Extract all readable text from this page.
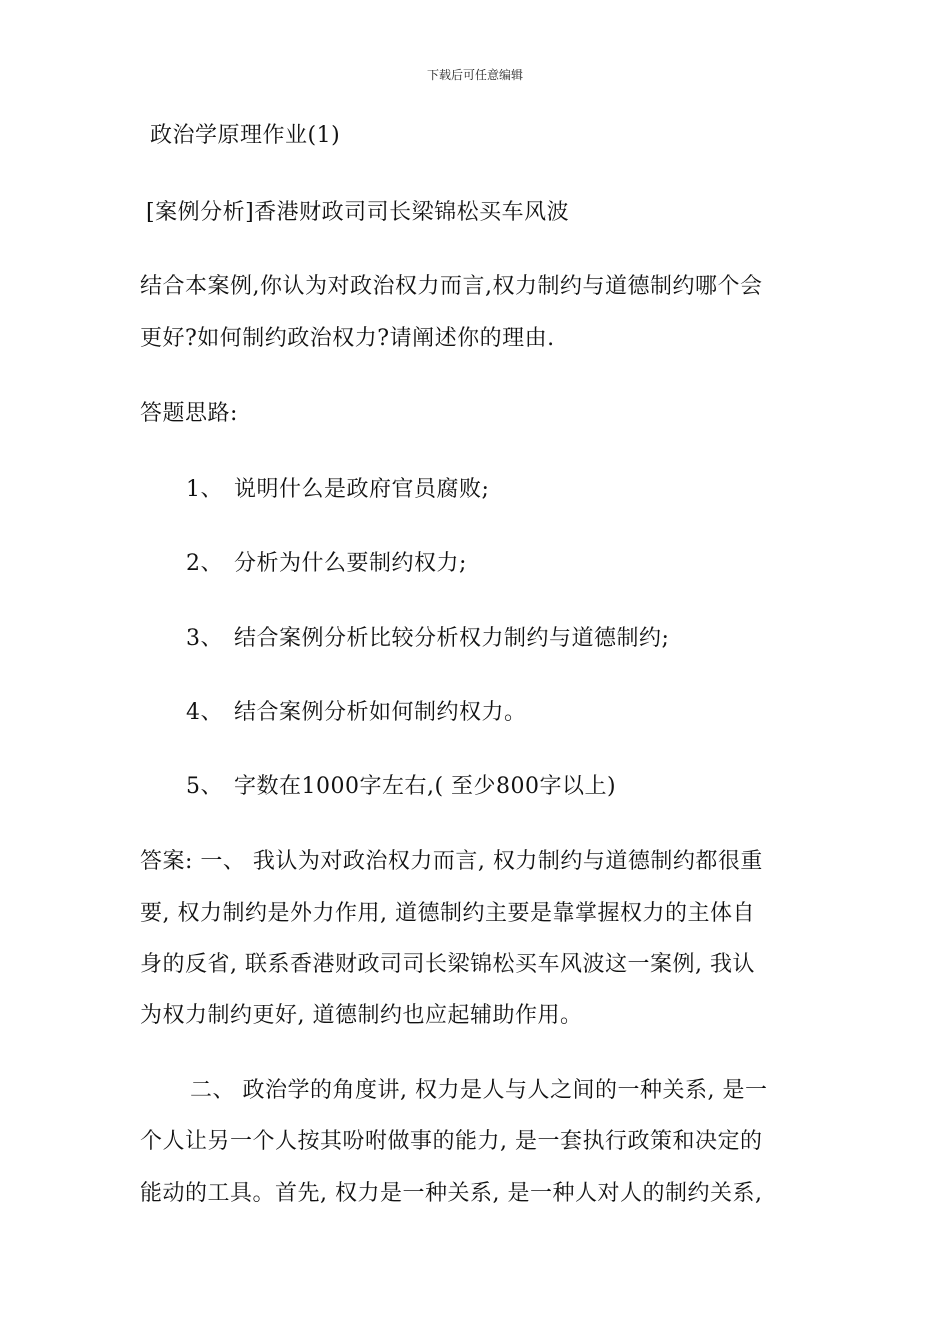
下载后可任意编辑
政治学原理作业(1)
[案例分析]香港财政司司长梁锦松买车风波
结合本案例,你认为对政治权力而言,权力制约与道德制约哪个会
更好?如何制约政治权力?请阐述你的理由.
答题思路:
1、 说明什么是政府官员腐败;
2、 分析为什么要制约权力;
3、 结合案例分析比较分析权力制约与道德制约;
4、 结合案例分析如何制约权力。
5、 字数在1000字左右,( 至少800字以上)
答案: 一、 我认为对政治权力而言, 权力制约与道德制约都很重
要, 权力制约是外力作用, 道德制约主要是靠掌握权力的主体自
身的反省, 联系香港财政司司长梁锦松买车风波这一案例, 我认
为权力制约更好, 道德制约也应起辅助作用。
二、 政治学的角度讲, 权力是人与人之间的一种关系, 是一
个人让另一个人按其吩咐做事的能力, 是一套执行政策和决定的
能动的工具。首先, 权力是一种关系, 是一种人对人的制约关系,
